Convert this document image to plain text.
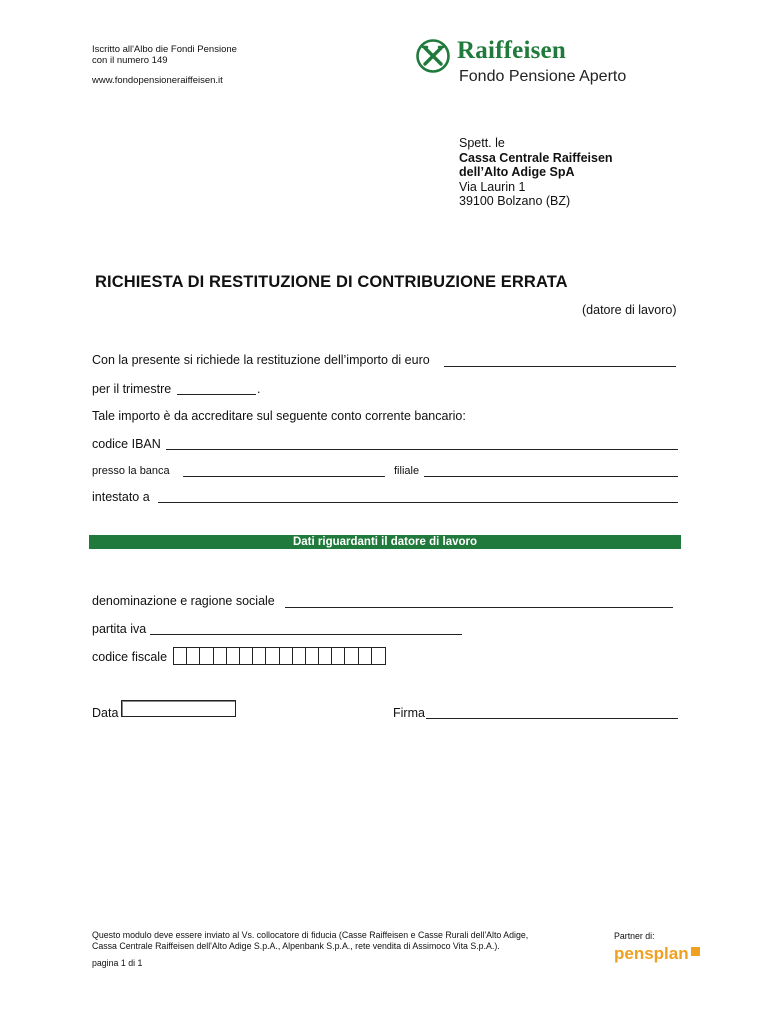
Iscritto all'Albo die Fondi Pensione
con il numero 149
www.fondopensioneraiffeisen.it
Raiffeisen
Fondo Pensione Aperto
Spett. le
Cassa Centrale Raiffeisen
dell’Alto Adige SpA
Via Laurin 1
39100 Bolzano (BZ)
RICHIESTA DI RESTITUZIONE DI CONTRIBUZIONE ERRATA
(datore di lavoro)
Con la presente si richiede la restituzione dell’importo di euro
per il trimestre	.
Tale importo è da accreditare sul seguente conto corrente bancario:
codice IBAN
presso la banca	filiale
intestato a
Dati riguardanti il datore di lavoro
denominazione e ragione sociale
partita iva
codice fiscale
Data	Firma
Questo modulo deve essere inviato al Vs. collocatore di fiducia (Casse Raiffeisen e Casse Rurali dell'Alto Adige,
Cassa Centrale Raiffeisen dell'Alto Adige S.p.A., Alpenbank S.p.A., rete vendita di Assimoco Vita S.p.A.).
pagina 1 di 1
Partner di:
pensplan
